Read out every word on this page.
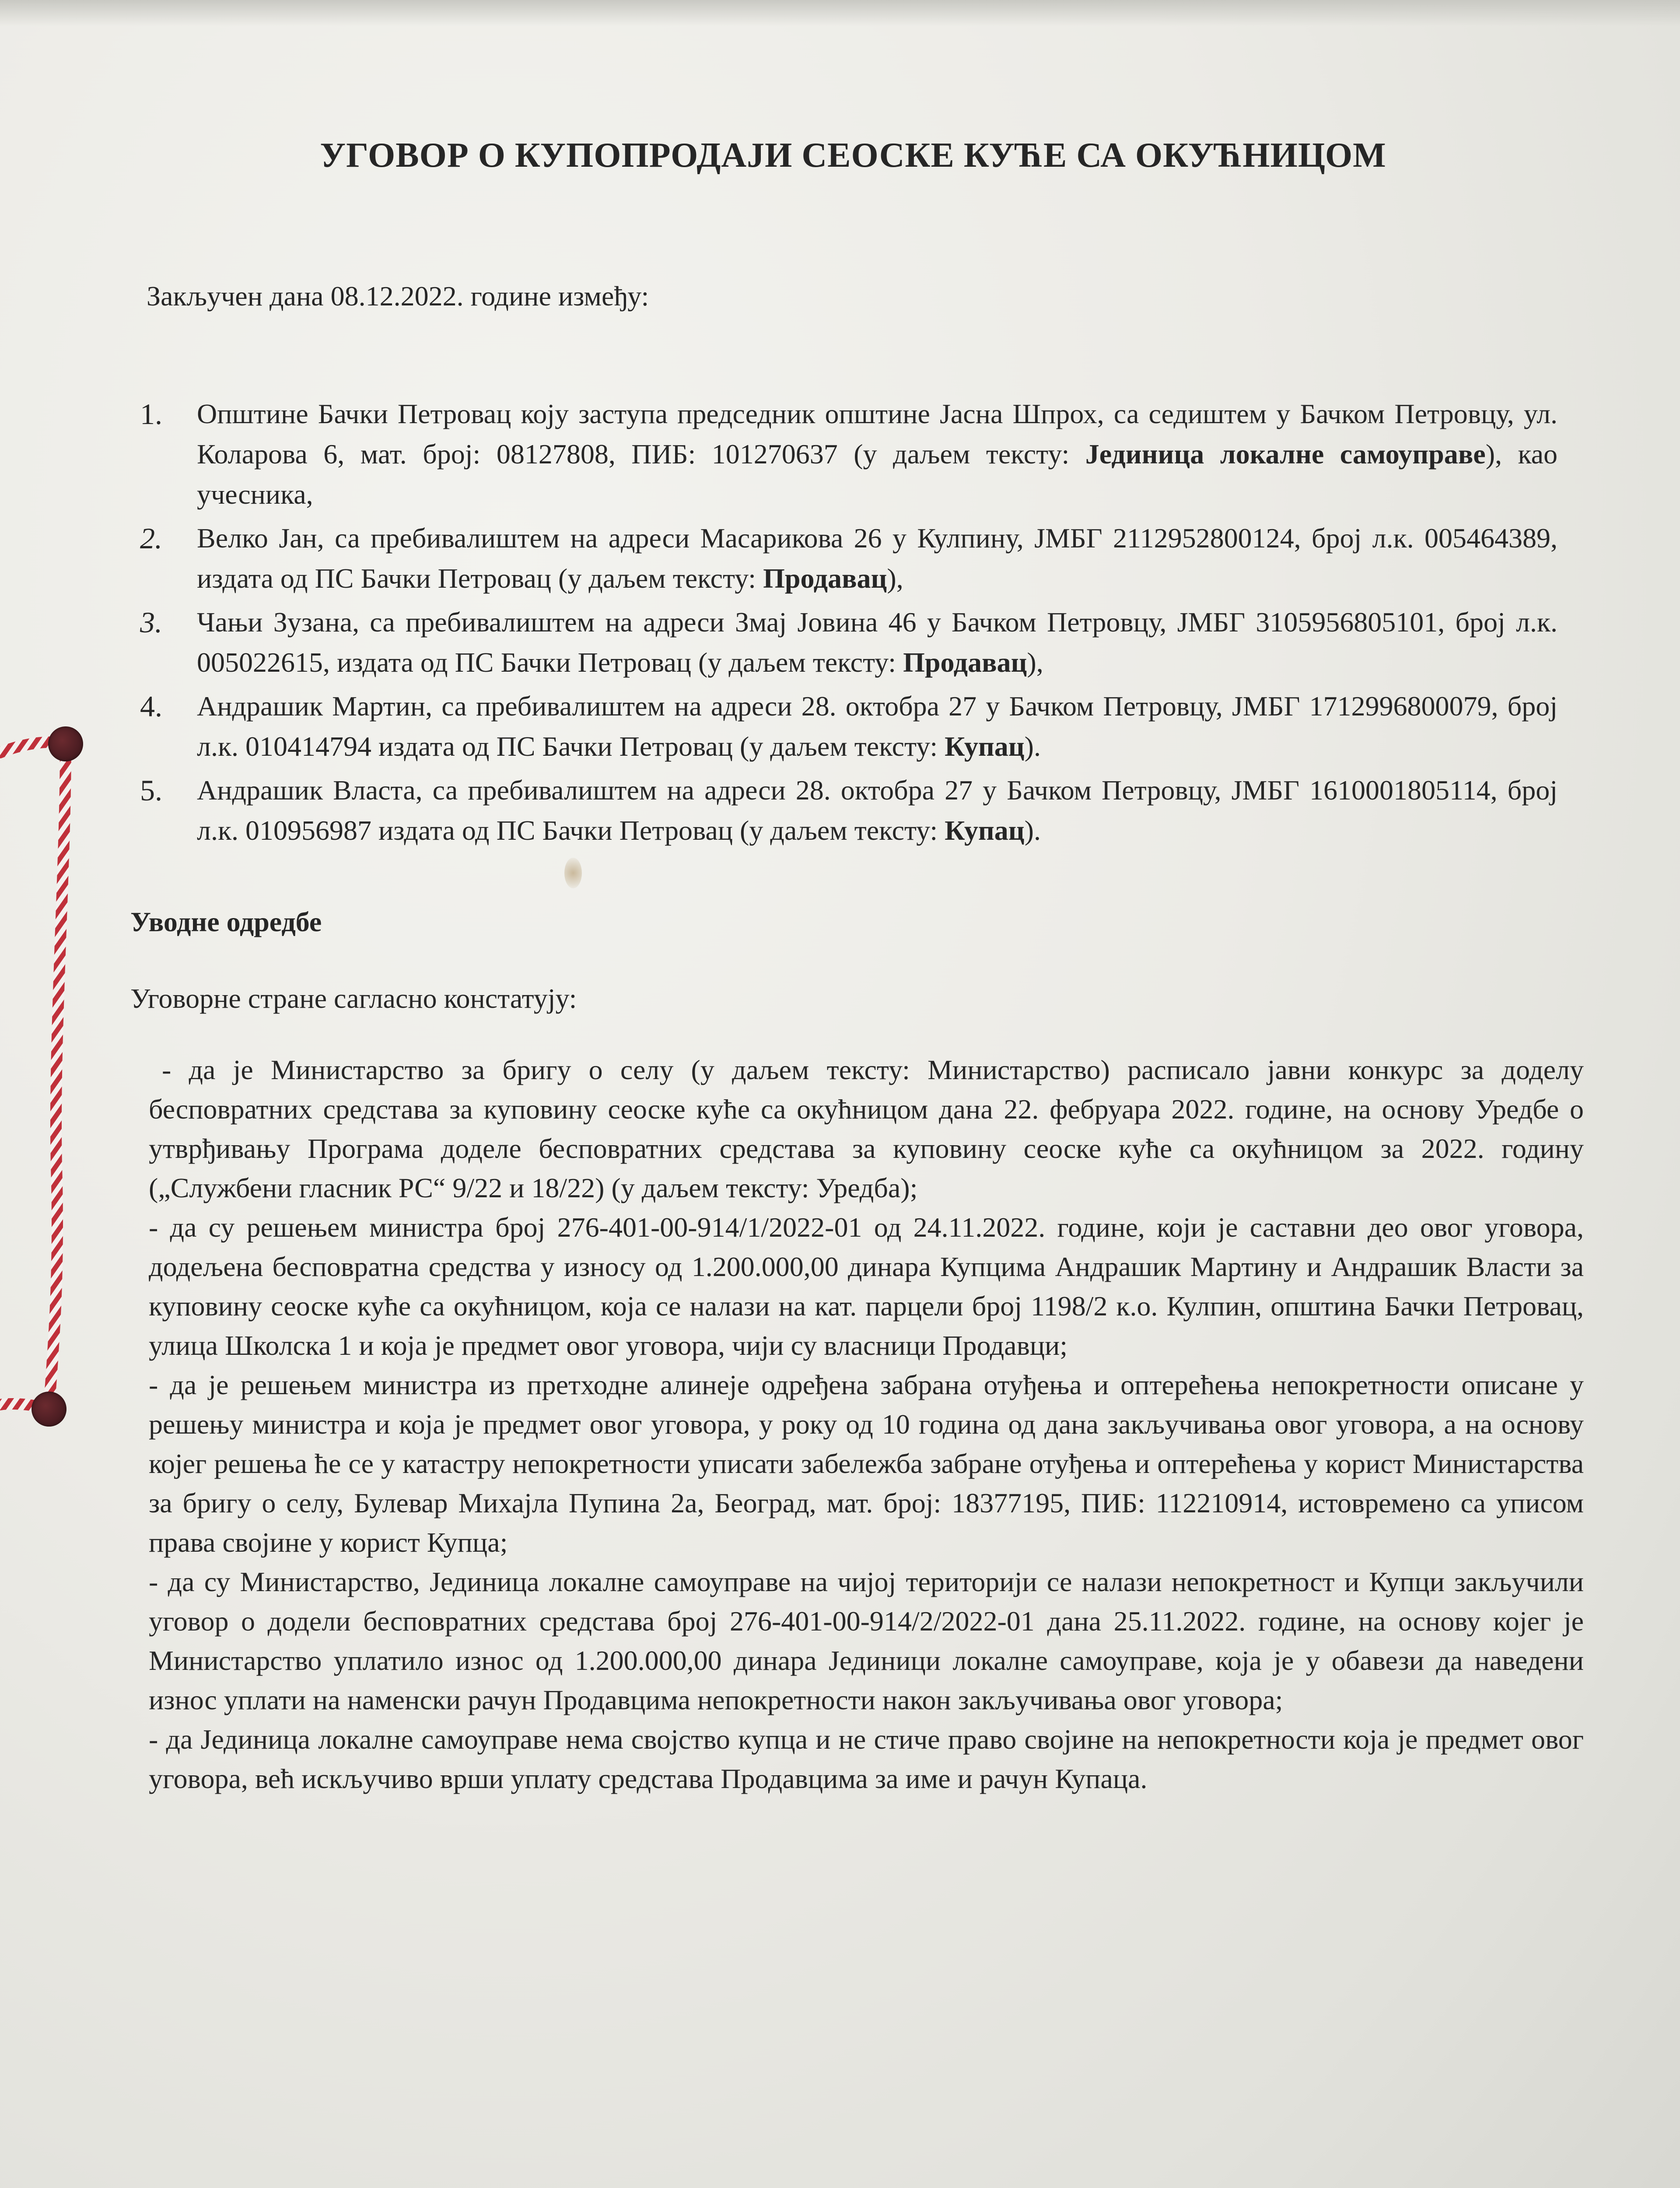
УГОВОР О КУПОПРОДАЈИ СЕОСКЕ КУЋЕ СА ОКУЋНИЦОМ
Закључен дана 08.12.2022. године између:
1.	Општине Бачки Петровац коју заступа председник општине Јасна Шпрох, са седиштем у Бачком Петровцу, ул. Коларова 6, мат. број: 08127808, ПИБ: 101270637 (у даљем тексту: Јединица локалне самоуправе), као учесника,
2.	Велко Јан, са пребивалиштем на адреси Масарикова 26 у Кулпину, ЈМБГ 2112952800124, број л.к. 005464389, издата од ПС Бачки Петровац (у даљем тексту: Продавац),
3.	Чањи Зузана, са пребивалиштем на адреси Змај Јовина 46 у Бачком Петровцу, ЈМБГ 3105956805101, број л.к. 005022615, издата од ПС Бачки Петровац (у даљем тексту: Продавац),
4.	Андрашик Мартин, са пребивалиштем на адреси 28. октобра 27 у Бачком Петровцу, ЈМБГ 1712996800079, број л.к. 010414794 издата од ПС Бачки Петровац (у даљем тексту: Купац).
5.	Андрашик Власта, са пребивалиштем на адреси 28. октобра 27 у Бачком Петровцу, ЈМБГ 1610001805114, број л.к. 010956987 издата од ПС Бачки Петровац (у даљем тексту: Купац).
Уводне одредбе
Уговорне стране сагласно констатују:

- да је Министарство за бригу о селу (у даљем тексту: Министарство) расписало јавни конкурс за доделу бесповратних средстава за куповину сеоске куће са окућницом дана 22. фебруара 2022. године, на основу Уредбе о утврђивању Програма доделе бесповратних средстава за куповину сеоске куће са окућницом за 2022. годину („Службени гласник РС“ 9/22 и 18/22) (у даљем тексту: Уредба);

- да су решењем министра број 276-401-00-914/1/2022-01 од 24.11.2022. године, који је саставни део овог уговора, додељена бесповратна средства у износу од 1.200.000,00 динара Купцима Андрашик Мартину и Андрашик Власти за куповину сеоске куће са окућницом, која се налази на кат. парцели број 1198/2 к.о. Кулпин, општина Бачки Петровац, улица Школска 1 и која је предмет овог уговора, чији су власници Продавци;

- да је решењем министра из претходне алинеје одређена забрана отуђења и оптерећења непокретности описане у решењу министра и која је предмет овог уговора, у року од 10 година од дана закључивања овог уговора, а на основу којег решења ће се у катастру непокретности уписати забележба забране отуђења и оптерећења у корист Министарства за бригу о селу, Булевар Михајла Пупина 2а, Београд, мат. број: 18377195, ПИБ: 112210914, истовремено са уписом права својине у корист Купца;

- да су Министарство, Јединица локалне самоуправе на чијој територији се налази непокретност и Купци закључили уговор о додели бесповратних средстава број 276-401-00-914/2/2022-01 дана 25.11.2022. године, на основу којег је Министарство уплатило износ од 1.200.000,00 динара Јединици локалне самоуправе, која је у обавези да наведени износ уплати на наменски рачун Продавцима непокретности након закључивања овог уговора;

- да Јединица локалне самоуправе нема својство купца и не стиче право својине на непокретности која је предмет овог уговора, већ искључиво врши уплату средстава Продавцима за име и рачун Купаца.
